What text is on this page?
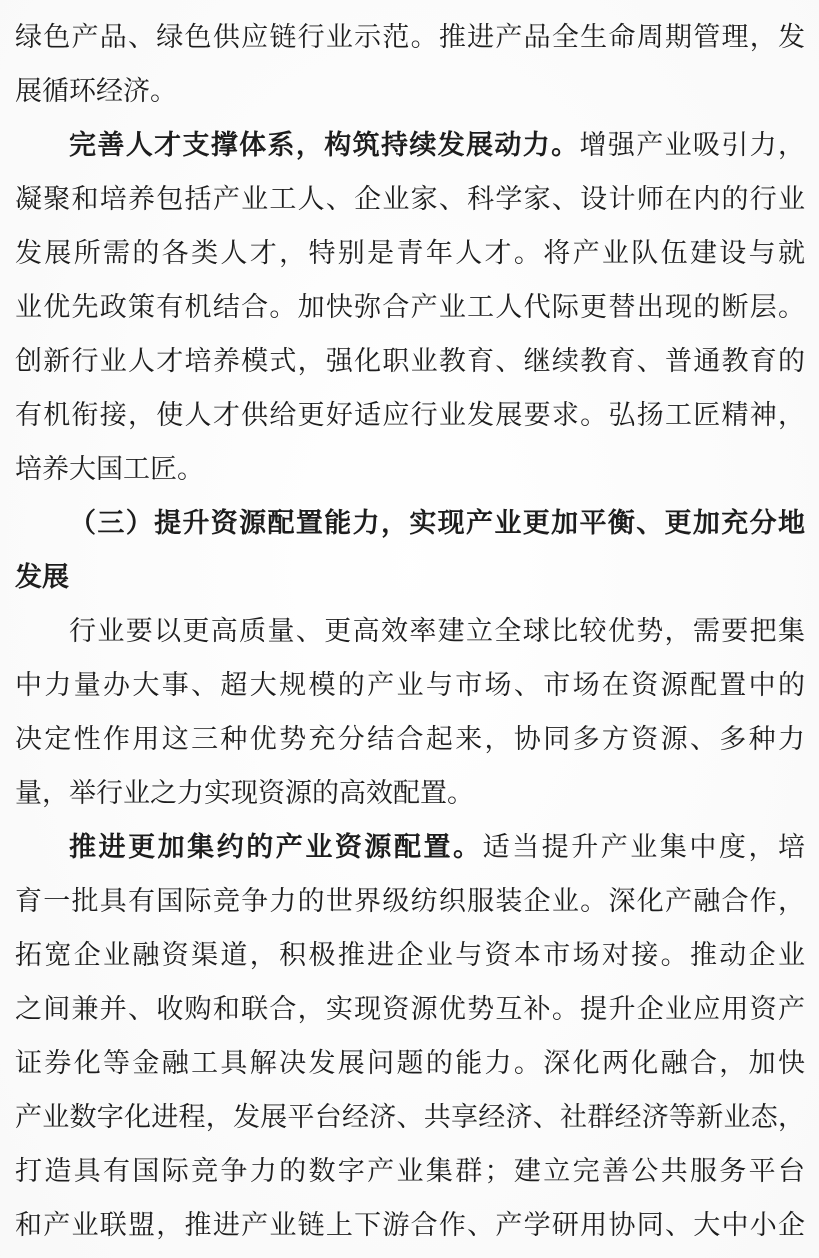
绿色产品、绿色供应链行业示范。推进产品全生命周期管理，发
展循环经济。
完善人才支撑体系，构筑持续发展动力。增强产业吸引力，
凝聚和培养包括产业工人、企业家、科学家、设计师在内的行业
发展所需的各类人才，特别是青年人才。将产业队伍建设与就
业优先政策有机结合。加快弥合产业工人代际更替出现的断层。
创新行业人才培养模式，强化职业教育、继续教育、普通教育的
有机衔接，使人才供给更好适应行业发展要求。弘扬工匠精神，
培养大国工匠。
（三）提升资源配置能力，实现产业更加平衡、更加充分地
发展
行业要以更高质量、更高效率建立全球比较优势，需要把集
中力量办大事、超大规模的产业与市场、市场在资源配置中的
决定性作用这三种优势充分结合起来，协同多方资源、多种力
量，举行业之力实现资源的高效配置。
推进更加集约的产业资源配置。适当提升产业集中度，培
育一批具有国际竞争力的世界级纺织服装企业。深化产融合作，
拓宽企业融资渠道，积极推进企业与资本市场对接。推动企业
之间兼并、收购和联合，实现资源优势互补。提升企业应用资产
证券化等金融工具解决发展问题的能力。深化两化融合，加快
产业数字化进程，发展平台经济、共享经济、社群经济等新业态，
打造具有国际竞争力的数字产业集群；建立完善公共服务平台
和产业联盟，推进产业链上下游合作、产学研用协同、大中小企
